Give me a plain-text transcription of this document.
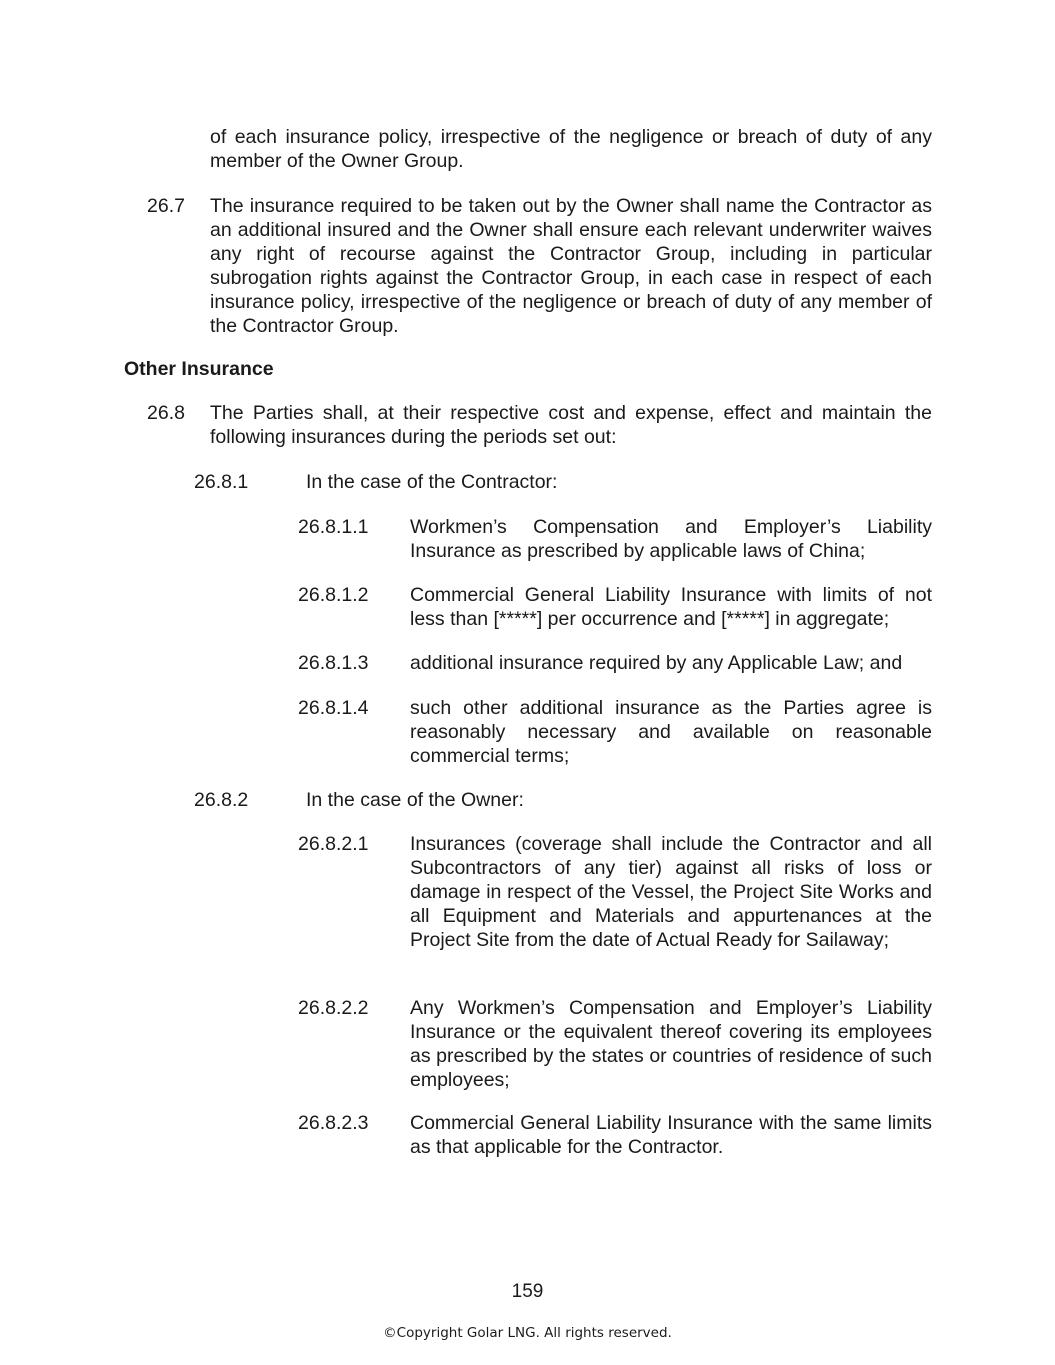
of each insurance policy, irrespective of the negligence or breach of duty of any member of the Owner Group.
26.7 The insurance required to be taken out by the Owner shall name the Contractor as an additional insured and the Owner shall ensure each relevant underwriter waives any right of recourse against the Contractor Group, including in particular subrogation rights against the Contractor Group, in each case in respect of each insurance policy, irrespective of the negligence or breach of duty of any member of the Contractor Group.
Other Insurance
26.8 The Parties shall, at their respective cost and expense, effect and maintain the following insurances during the periods set out:
26.8.1	In the case of the Contractor:
26.8.1.1 Workmen’s Compensation and Employer’s Liability Insurance as prescribed by applicable laws of China;
26.8.1.2 Commercial General Liability Insurance with limits of not less than [*****] per occurrence and [*****] in aggregate;
26.8.1.3 additional insurance required by any Applicable Law; and
26.8.1.4 such other additional insurance as the Parties agree is reasonably necessary and available on reasonable commercial terms;
26.8.2	In the case of the Owner:
26.8.2.1 Insurances (coverage shall include the Contractor and all Subcontractors of any tier) against all risks of loss or damage in respect of the Vessel, the Project Site Works and all Equipment and Materials and appurtenances at the Project Site from the date of Actual Ready for Sailaway;
26.8.2.2 Any Workmen’s Compensation and Employer’s Liability Insurance or the equivalent thereof covering its employees as prescribed by the states or countries of residence of such employees;
26.8.2.3 Commercial General Liability Insurance with the same limits as that applicable for the Contractor.
159
©Copyright Golar LNG. All rights reserved.
